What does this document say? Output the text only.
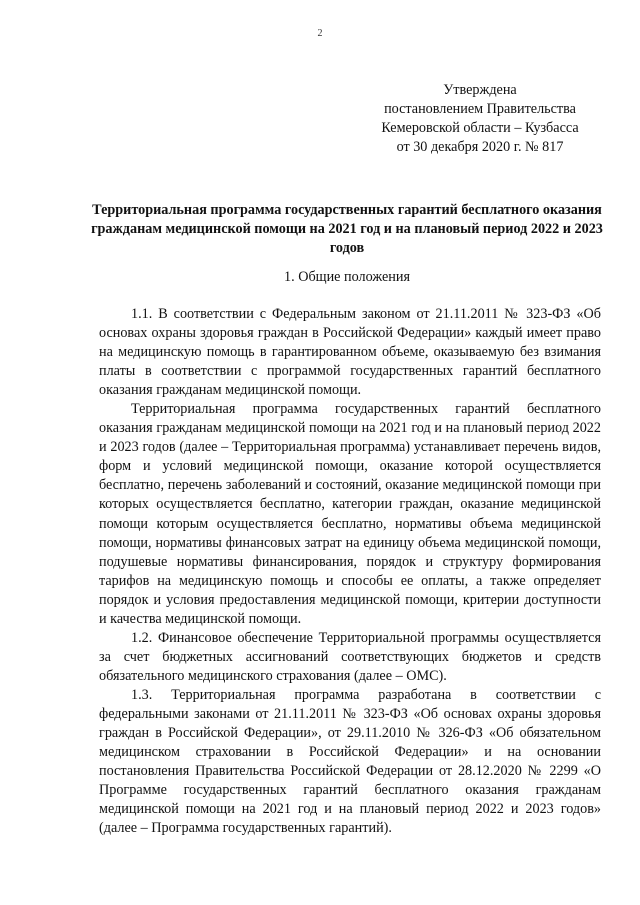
2
Утверждена
постановлением Правительства
Кемеровской области – Кузбасса
от 30 декабря 2020 г. № 817
Территориальная программа государственных гарантий бесплатного оказания гражданам медицинской помощи на 2021 год и на плановый период 2022 и 2023 годов
1. Общие положения

1.1. В соответствии с Федеральным законом от 21.11.2011 № 323-ФЗ «Об основах охраны здоровья граждан в Российской Федерации» каждый имеет право на медицинскую помощь в гарантированном объеме, оказываемую без взимания платы в соответствии с программой государственных гарантий бесплатного оказания гражданам медицинской помощи.

Территориальная программа государственных гарантий бесплатного оказания гражданам медицинской помощи на 2021 год и на плановый период 2022 и 2023 годов (далее – Территориальная программа) устанавливает перечень видов, форм и условий медицинской помощи, оказание которой осуществляется бесплатно, перечень заболеваний и состояний, оказание медицинской помощи при которых осуществляется бесплатно, категории граждан, оказание медицинской помощи которым осуществляется бесплатно, нормативы объема медицинской помощи, нормативы финансовых затрат на единицу объема медицинской помощи, подушевые нормативы финансирования, порядок и структуру формирования тарифов на медицинскую помощь и способы ее оплаты, а также определяет порядок и условия предоставления медицинской помощи, критерии доступности и качества медицинской помощи.

1.2. Финансовое обеспечение Территориальной программы осуществляется за счет бюджетных ассигнований соответствующих бюджетов и средств обязательного медицинского страхования (далее – ОМС).

1.3. Территориальная программа разработана в соответствии с федеральными законами от 21.11.2011 № 323-ФЗ «Об основах охраны здоровья граждан в Российской Федерации», от 29.11.2010 № 326-ФЗ «Об обязательном медицинском страховании в Российской Федерации» и на основании постановления Правительства Российской Федерации от 28.12.2020 № 2299 «О Программе государственных гарантий бесплатного оказания гражданам медицинской помощи на 2021 год и на плановый период 2022 и 2023 годов» (далее – Программа государственных гарантий).
